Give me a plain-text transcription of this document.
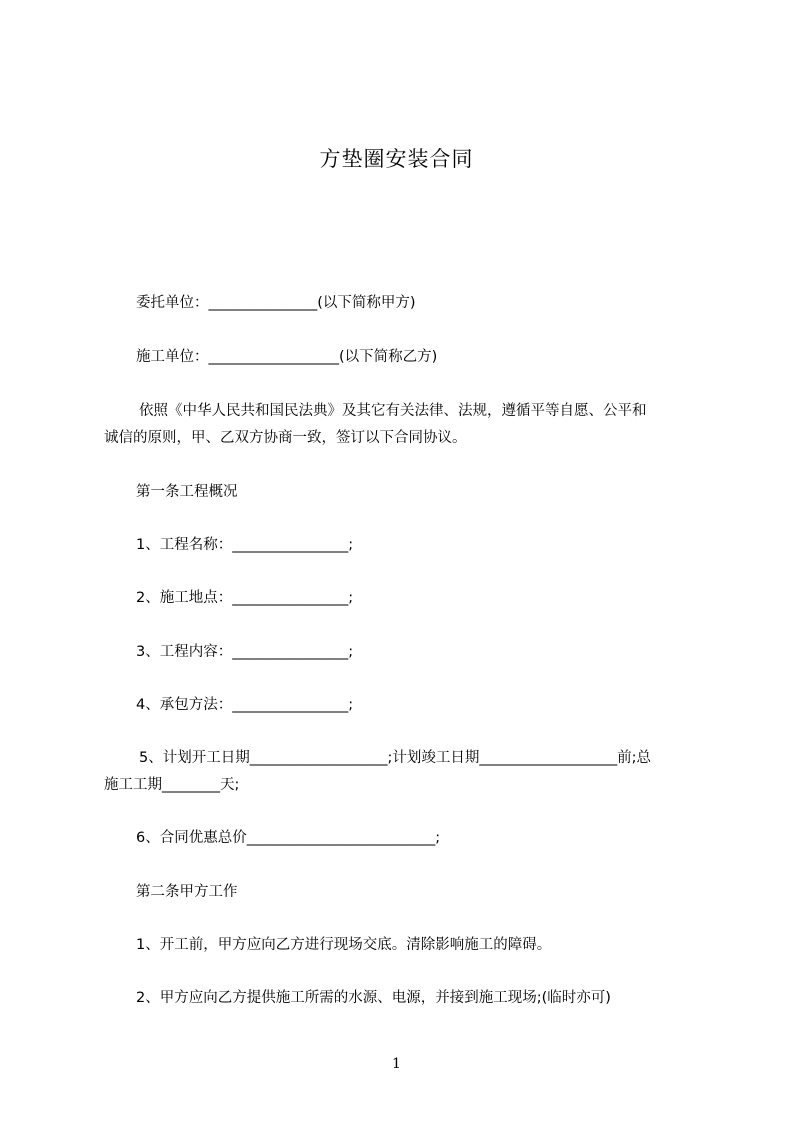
方垫圈安装合同
委托单位：_______________(以下简称甲方)
施工单位：__________________(以下简称乙方)
依照《中华人民共和国民法典》及其它有关法律、法规，遵循平等自愿、公平和
诚信的原则，甲、乙双方协商一致，签订以下合同协议。
第一条工程概况
1、工程名称：________________;
2、施工地点：________________;
3、工程内容：________________;
4、承包方法：________________;
5、计划开工日期___________________;计划竣工日期___________________前;总
施工工期________天;
6、合同优惠总价__________________________;
第二条甲方工作
1、开工前，甲方应向乙方进行现场交底。清除影响施工的障碍。
2、甲方应向乙方提供施工所需的水源、电源，并接到施工现场;(临时亦可)
1
